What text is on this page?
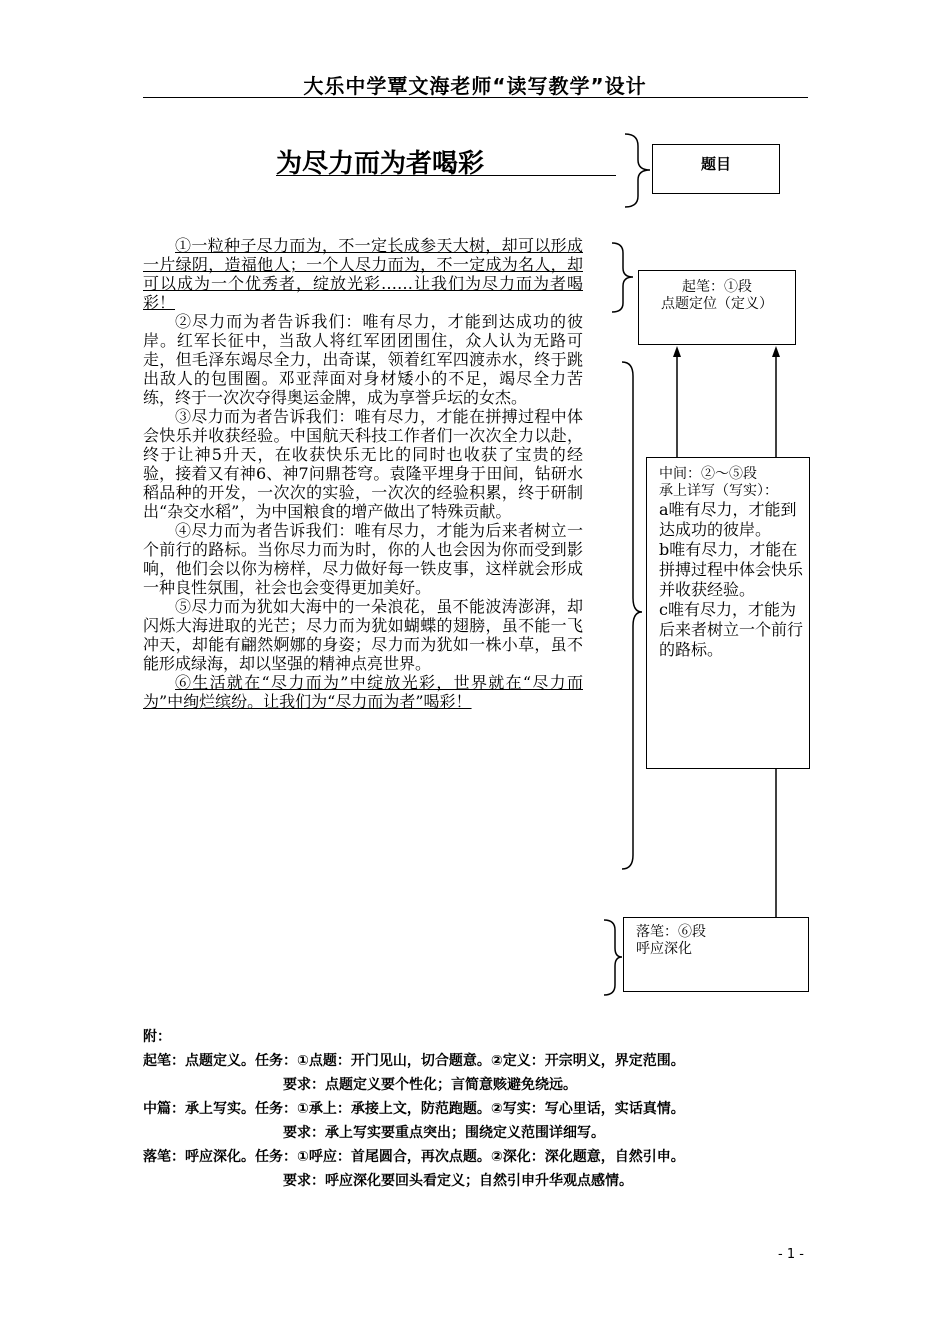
大乐中学覃文海老师“读写教学”设计
为尽力而为者喝彩

①一粒种子尽力而为，不一定长成参天大树，却可以形成一片绿阴，造福他人；一个人尽力而为，不一定成为名人，却可以成为一个优秀者，绽放光彩……让我们为尽力而为者喝彩！

②尽力而为者告诉我们：唯有尽力，才能到达成功的彼岸。红军长征中，当敌人将红军团团围住，众人认为无路可走，但毛泽东竭尽全力，出奇谋，领着红军四渡赤水，终于跳出敌人的包围圈。邓亚萍面对身材矮小的不足，竭尽全力苦练，终于一次次夺得奥运金牌，成为享誉乒坛的女杰。

③尽力而为者告诉我们：唯有尽力，才能在拼搏过程中体会快乐并收获经验。中国航天科技工作者们一次次全力以赴，终于让神5升天，在收获快乐无比的同时也收获了宝贵的经验，接着又有神6、神7问鼎苍穹。袁隆平埋身于田间，钻研水稻品种的开发，一次次的实验，一次次的经验积累，终于研制出“杂交水稻”，为中国粮食的增产做出了特殊贡献。

④尽力而为者告诉我们：唯有尽力，才能为后来者树立一个前行的路标。当你尽力而为时，你的人也会因为你而受到影响，他们会以你为榜样，尽力做好每一铁皮事，这样就会形成一种良性氛围，社会也会变得更加美好。

⑤尽力而为犹如大海中的一朵浪花，虽不能波涛澎湃，却闪烁大海进取的光芒；尽力而为犹如蝴蝶的翅膀，虽不能一飞冲天，却能有翩然婀娜的身姿；尽力而为犹如一株小草，虽不能形成绿海，却以坚强的精神点亮世界。

⑥生活就在“尽力而为”中绽放光彩，世界就在“尽力而为”中绚烂缤纷。让我们为“尽力而为者”喝彩！

题目
起笔：①段
点题定位（定义）
中间：②～⑤段
承上详写（写实）：
a唯有尽力，才能到达成功的彼岸。
b唯有尽力，才能在拼搏过程中体会快乐并收获经验。
c唯有尽力，才能为后来者树立一个前行的路标。
落笔：⑥段
呼应深化
附：
起笔：点题定义。任务：①点题：开门见山，切合题意。②定义：开宗明义，界定范围。
要求：点题定义要个性化；言简意赅避免绕远。
中篇：承上写实。任务：①承上：承接上文，防范跑题。②写实：写心里话，实话真情。
要求：承上写实要重点突出；围绕定义范围详细写。
落笔：呼应深化。任务：①呼应：首尾圆合，再次点题。②深化：深化题意，自然引申。
要求：呼应深化要回头看定义；自然引申升华观点感情。
- 1 -
